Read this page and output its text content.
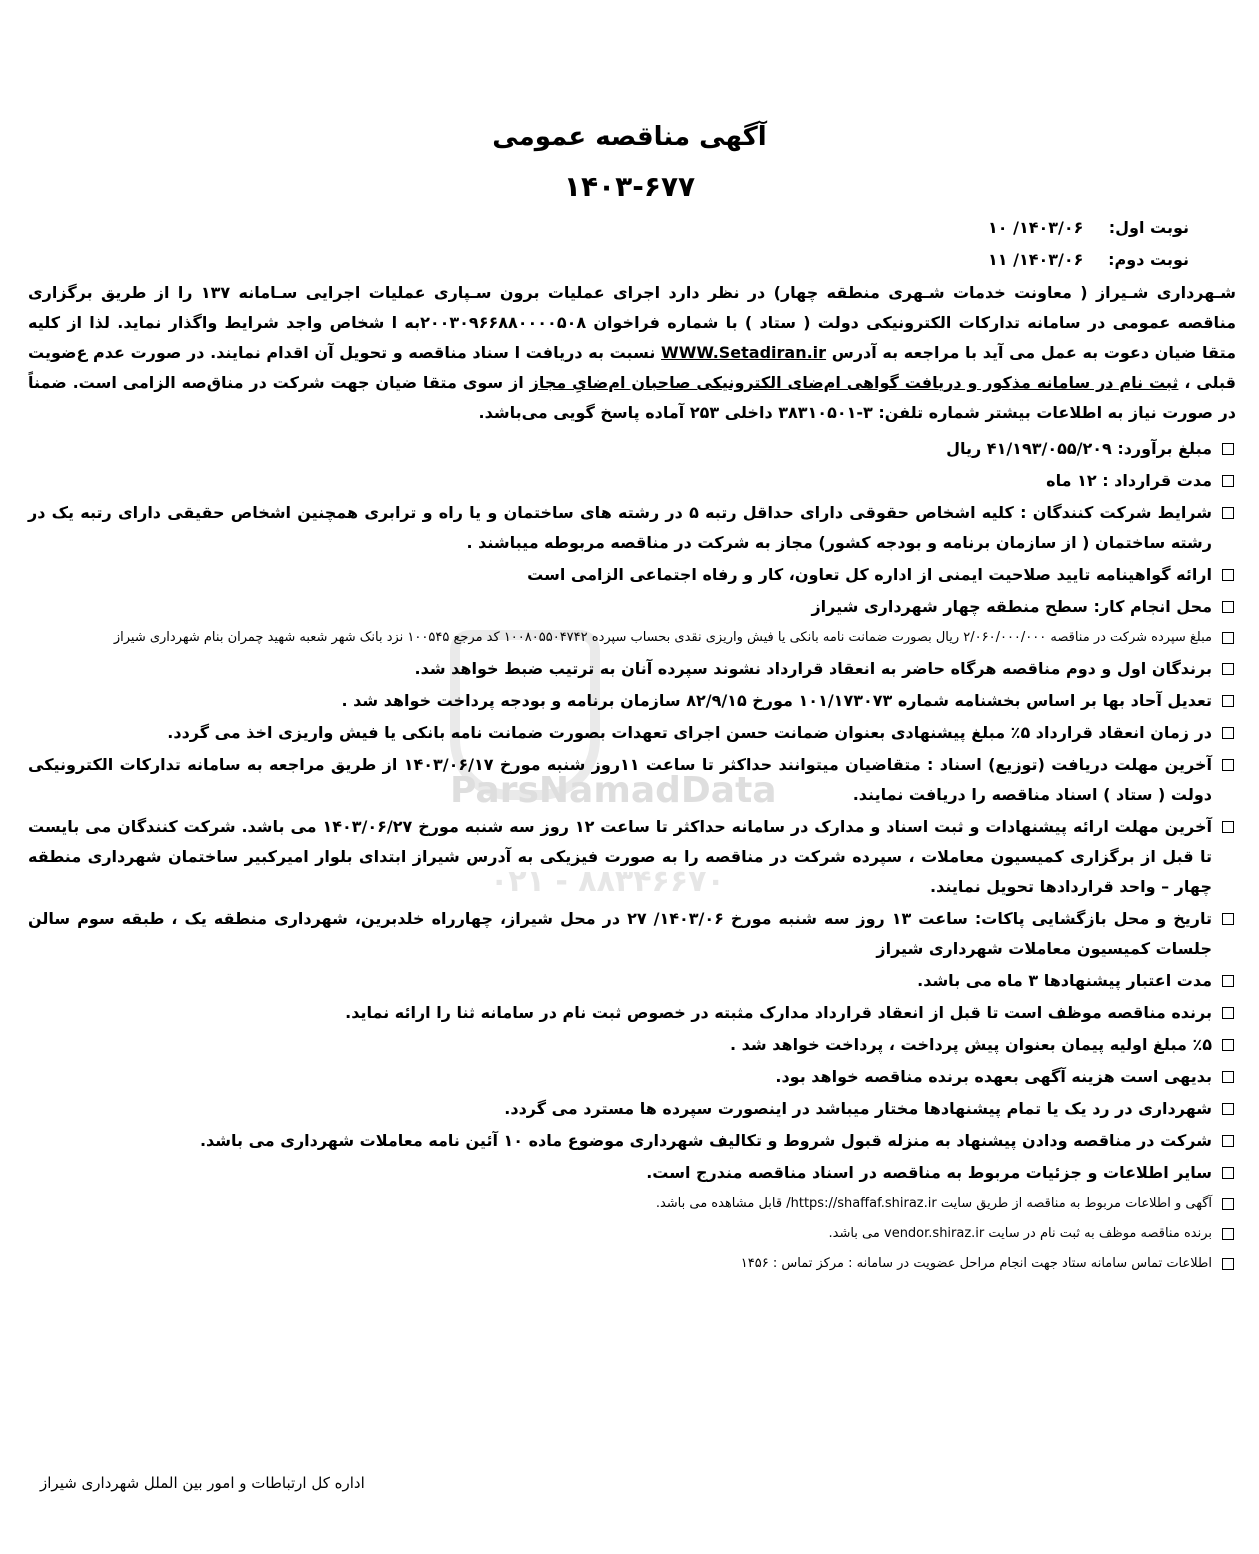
ParsNamadData
۰۲۱ - ۸۸۳۴۶۶۷۰
آگهی مناقصه عمومی
۱۴۰۳-۶۷۷
نوبت اول: ۱۴۰۳/۰۶/ ۱۰
نوبت دوم: ۱۴۰۳/۰۶/ ۱۱
شـهرداری شـیراز ( معاونت خدمات شـهری منطقه چهار) در نظر دارد اجرای عملیات برون سـپاری عملیات اجرایی سـامانه ۱۳۷ را از طریق برگزاری مناقصه عمومی در سامانه تدارکات الکترونیکی دولت ( ستاد ) با شماره فراخوان ۲۰۰۳۰۹۶۶۸۸۰۰۰۰۵۰۸به ا شخاص واجد شرایط واگذار نماید. لذا از کلیه متقا ضیان دعوت به عمل می آید با مراجعه به آدرس WWW.Setadiran.ir نسبت به دریافت ا سناد مناقصه و تحویل آن اقدام نمایند. در صورت عدم ع‌ضویت قبلی ، ثبت نام در سامانه مذکور و دریافت گواهی ام‌ضای الکترونیکی صاحبان ام‌ضایِ مجاز از سوی متقا ضیان جهت شرکت در مناق‌صه الزامی است. ضمناً در صورت نیاز به اطلاعات بیشتر شماره تلفن: ۳-۳۸۳۱۰۵۰۱ داخلی ۲۵۳ آماده پاسخ گویی می‌باشد.
مبلغ برآورد: ۴۱/۱۹۳/۰۵۵/۲۰۹ ریال
مدت قرارداد : ۱۲ ماه
شرایط شرکت کنندگان : کلیه اشخاص حقوقی دارای حداقل رتبه ۵ در رشته های ساختمان و یا راه و ترابری همچنین اشخاص حقیقی دارای رتبه یک در رشته ساختمان ( از سازمان برنامه و بودجه کشور) مجاز به شرکت در مناقصه مربوطه میباشند .
ارائه گواهینامه تایید صلاحیت ایمنی از اداره کل تعاون، کار و رفاه اجتماعی الزامی است
محل انجام کار: سطح منطقه چهار شهرداری شیراز
مبلغ سپرده شرکت در مناقصه ۲/۰۶۰/۰۰۰/۰۰۰ ریال بصورت ضمانت نامه بانکی یا فیش واریزی نقدی بحساب سپرده ۱۰۰۸۰۵۵۰۴۷۴۲ کد مرجع ۱۰۰۵۴۵ نزد بانک شهر شعبه شهید چمران بنام شهرداری شیراز
برندگان اول و دوم مناقصه هرگاه حاضر به انعقاد قرارداد نشوند سپرده آنان به ترتیب ضبط خواهد شد.
تعدیل آحاد بها بر اساس بخشنامه شماره ۱۰۱/۱۷۳۰۷۳ مورخ ۸۲/۹/۱۵ سازمان برنامه و بودجه پرداخت خواهد شد .
در زمان انعقاد قرارداد ۵٪ مبلغ پیشنهادی بعنوان ضمانت حسن اجرای تعهدات بصورت ضمانت نامه بانکی یا فیش واریزی اخذ می گردد.
آخرین مهلت دریافت (توزیع) اسناد : متقاضیان میتوانند حداکثر تا ساعت ۱۱روز شنبه مورخ ۱۴۰۳/۰۶/۱۷ از طریق مراجعه به سامانه تدارکات الکترونیکی دولت ( ستاد ) اسناد مناقصه را دریافت نمایند.
آخرین مهلت ارائه پیشنهادات و ثبت اسناد و مدارک در سامانه حداکثر تا ساعت ۱۲ روز سه شنبه مورخ ۱۴۰۳/۰۶/۲۷ می باشد. شرکت کنندگان می بایست تا قبل از برگزاری کمیسیون معاملات ، سپرده شرکت در مناقصه را به صورت فیزیکی به آدرس شیراز ابتدای بلوار امیرکبیر ساختمان شهرداری منطقه چهار – واحد قراردادها تحویل نمایند.
تاریخ و محل بازگشایی پاکات: ساعت ۱۳ روز سه شنبه مورخ ۱۴۰۳/۰۶/ ۲۷ در محل شیراز، چهارراه خلدبرین، شهرداری منطقه یک ، طبقه سوم سالن جلسات کمیسیون معاملات شهرداری شیراز
مدت اعتبار پیشنهادها ۳ ماه می باشد.
برنده مناقصه موظف است تا قبل از انعقاد قرارداد مدارک مثبته در خصوص ثبت نام در سامانه ثنا را ارائه نماید.
٪۵ مبلغ اولیه پیمان بعنوان پیش پرداخت ، پرداخت خواهد شد .
بدیهی است هزینه آگهی بعهده برنده مناقصه خواهد بود.
شهرداری در رد یک یا تمام پیشنهادها مختار میباشد در اینصورت سپرده ها مسترد می گردد.
شرکت در مناقصه ودادن پیشنهاد به منزله قبول شروط و تکالیف شهرداری موضوع ماده ۱۰ آئین نامه معاملات شهرداری می باشد.
سایر اطلاعات و جزئیات مربوط به مناقصه در اسناد مناقصه مندرج است.
آگهی و اطلاعات مربوط به مناقصه از طریق سایت https://shaffaf.shiraz.ir/ قابل مشاهده می باشد.
برنده مناقصه موظف به ثبت نام در سایت vendor.shiraz.ir می باشد.
اطلاعات تماس سامانه ستاد جهت انجام مراحل عضویت در سامانه : مرکز تماس : ۱۴۵۶
اداره کل ارتباطات و امور بین الملل شهرداری شیراز
